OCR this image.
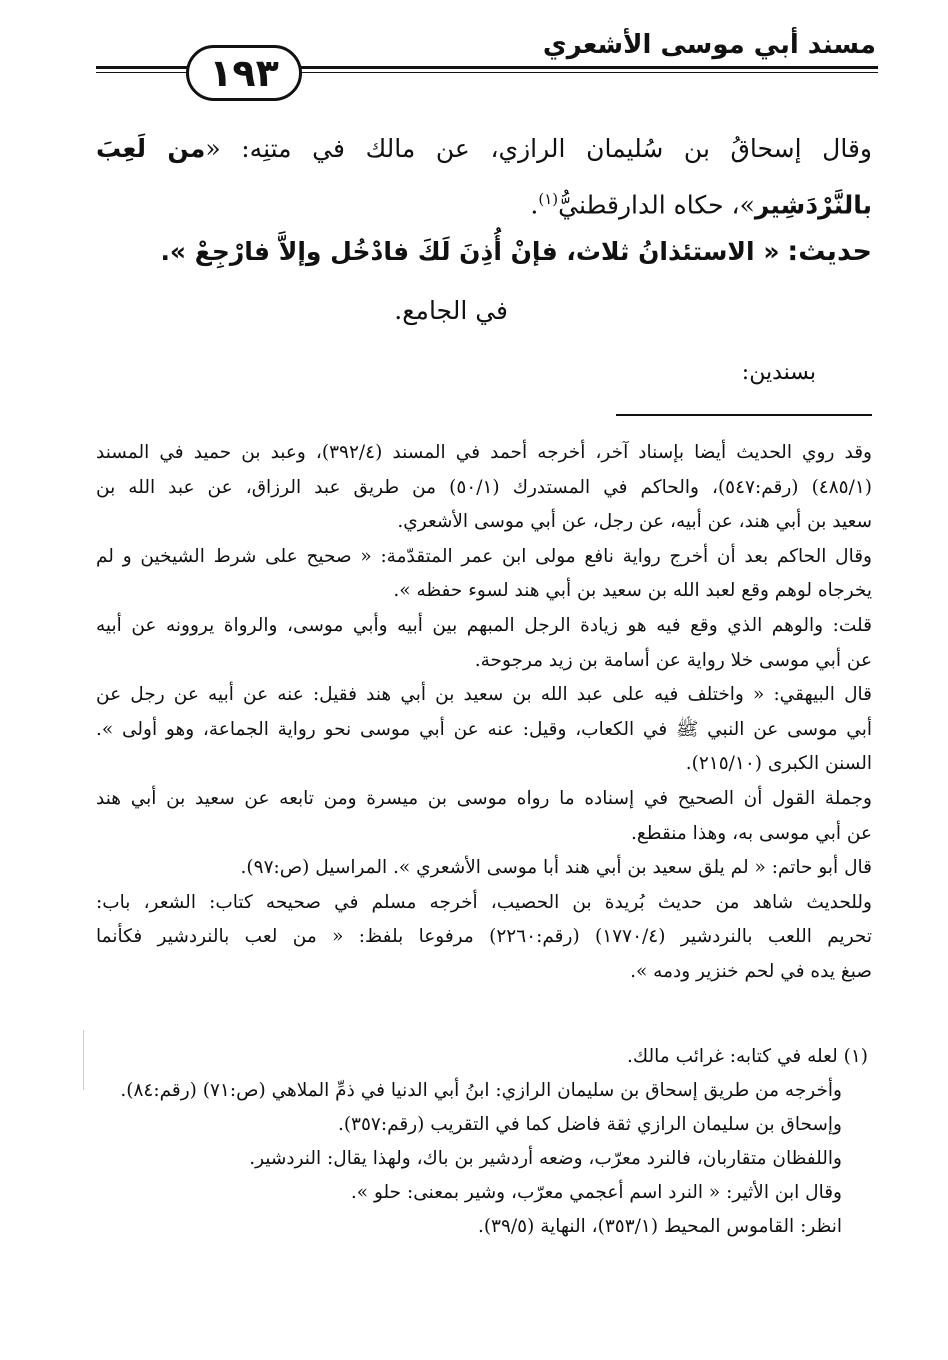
مسند أبي موسى الأشعري
١٩٣
وقال إسحاقُ بن سُليمان الرازي، عن مالك في متنِه: «من لَعِبَ بالنَّرْدَشِير»، حكاه الدارقطنيُّ$^{(١)}$.
حديث: « الاستئذانُ ثلاث، فإنْ أُذِنَ لَكَ فادْخُل وإلاَّ فارْجِعْ ».
في الجامع.
بسندين:
وقد روي الحديث أيضا بإسناد آخر، أخرجه أحمد في المسند (٣٩٢/٤)، وعبد بن حميد في المسند
(٤٨٥/١) (رقم:٥٤٧)، والحاكم في المستدرك (٥٠/١) من طريق عبد الرزاق، عن عبد الله بن
سعيد بن أبي هند، عن أبيه، عن رجل، عن أبي موسى الأشعري.
وقال الحاكم بعد أن أخرج رواية نافع مولى ابن عمر المتقدّمة: « صحيح على شرط الشيخين و لم
يخرجاه لوهم وقع لعبد الله بن سعيد بن أبي هند لسوء حفظه ».
قلت: والوهم الذي وقع فيه هو زيادة الرجل المبهم بين أبيه وأبي موسى، والرواة يروونه عن أبيه
عن أبي موسى خلا رواية عن أسامة بن زيد مرجوحة.
قال البيهقي: « واختلف فيه على عبد الله بن سعيد بن أبي هند فقيل: عنه عن أبيه عن رجل عن
أبي موسى عن النبي ﷺ في الكعاب، وقيل: عنه عن أبي موسى نحو رواية الجماعة، وهو أولى ».
السنن الكبرى (٢١٥/١٠).
وجملة القول أن الصحيح في إسناده ما رواه موسى بن ميسرة ومن تابعه عن سعيد بن أبي هند
عن أبي موسى به، وهذا منقطع.
قال أبو حاتم: « لم يلق سعيد بن أبي هند أبا موسى الأشعري ». المراسيل (ص:٩٧).
وللحديث شاهد من حديث بُريدة بن الحصيب، أخرجه مسلم في صحيحه كتاب: الشعر، باب:
تحريم اللعب بالنردشير (١٧٧٠/٤) (رقم:٢٢٦٠) مرفوعا بلفظ: « من لعب بالنردشير فكأنما
صبغ يده في لحم خنزير ودمه ».
(١) لعله في كتابه: غرائب مالك.
وأخرجه من طريق إسحاق بن سليمان الرازي: ابنُ أبي الدنيا في ذمِّ الملاهي (ص:٧١) (رقم:٨٤).
وإسحاق بن سليمان الرازي ثقة فاضل كما في التقريب (رقم:٣٥٧).
واللفظان متقاربان، فالنرد معرّب، وضعه أردشير بن باك، ولهذا يقال: النردشير.
وقال ابن الأثير: « النرد اسم أعجمي معرّب، وشير بمعنى: حلو ».
انظر: القاموس المحيط (٣٥٣/١)، النهاية (٣٩/٥).
